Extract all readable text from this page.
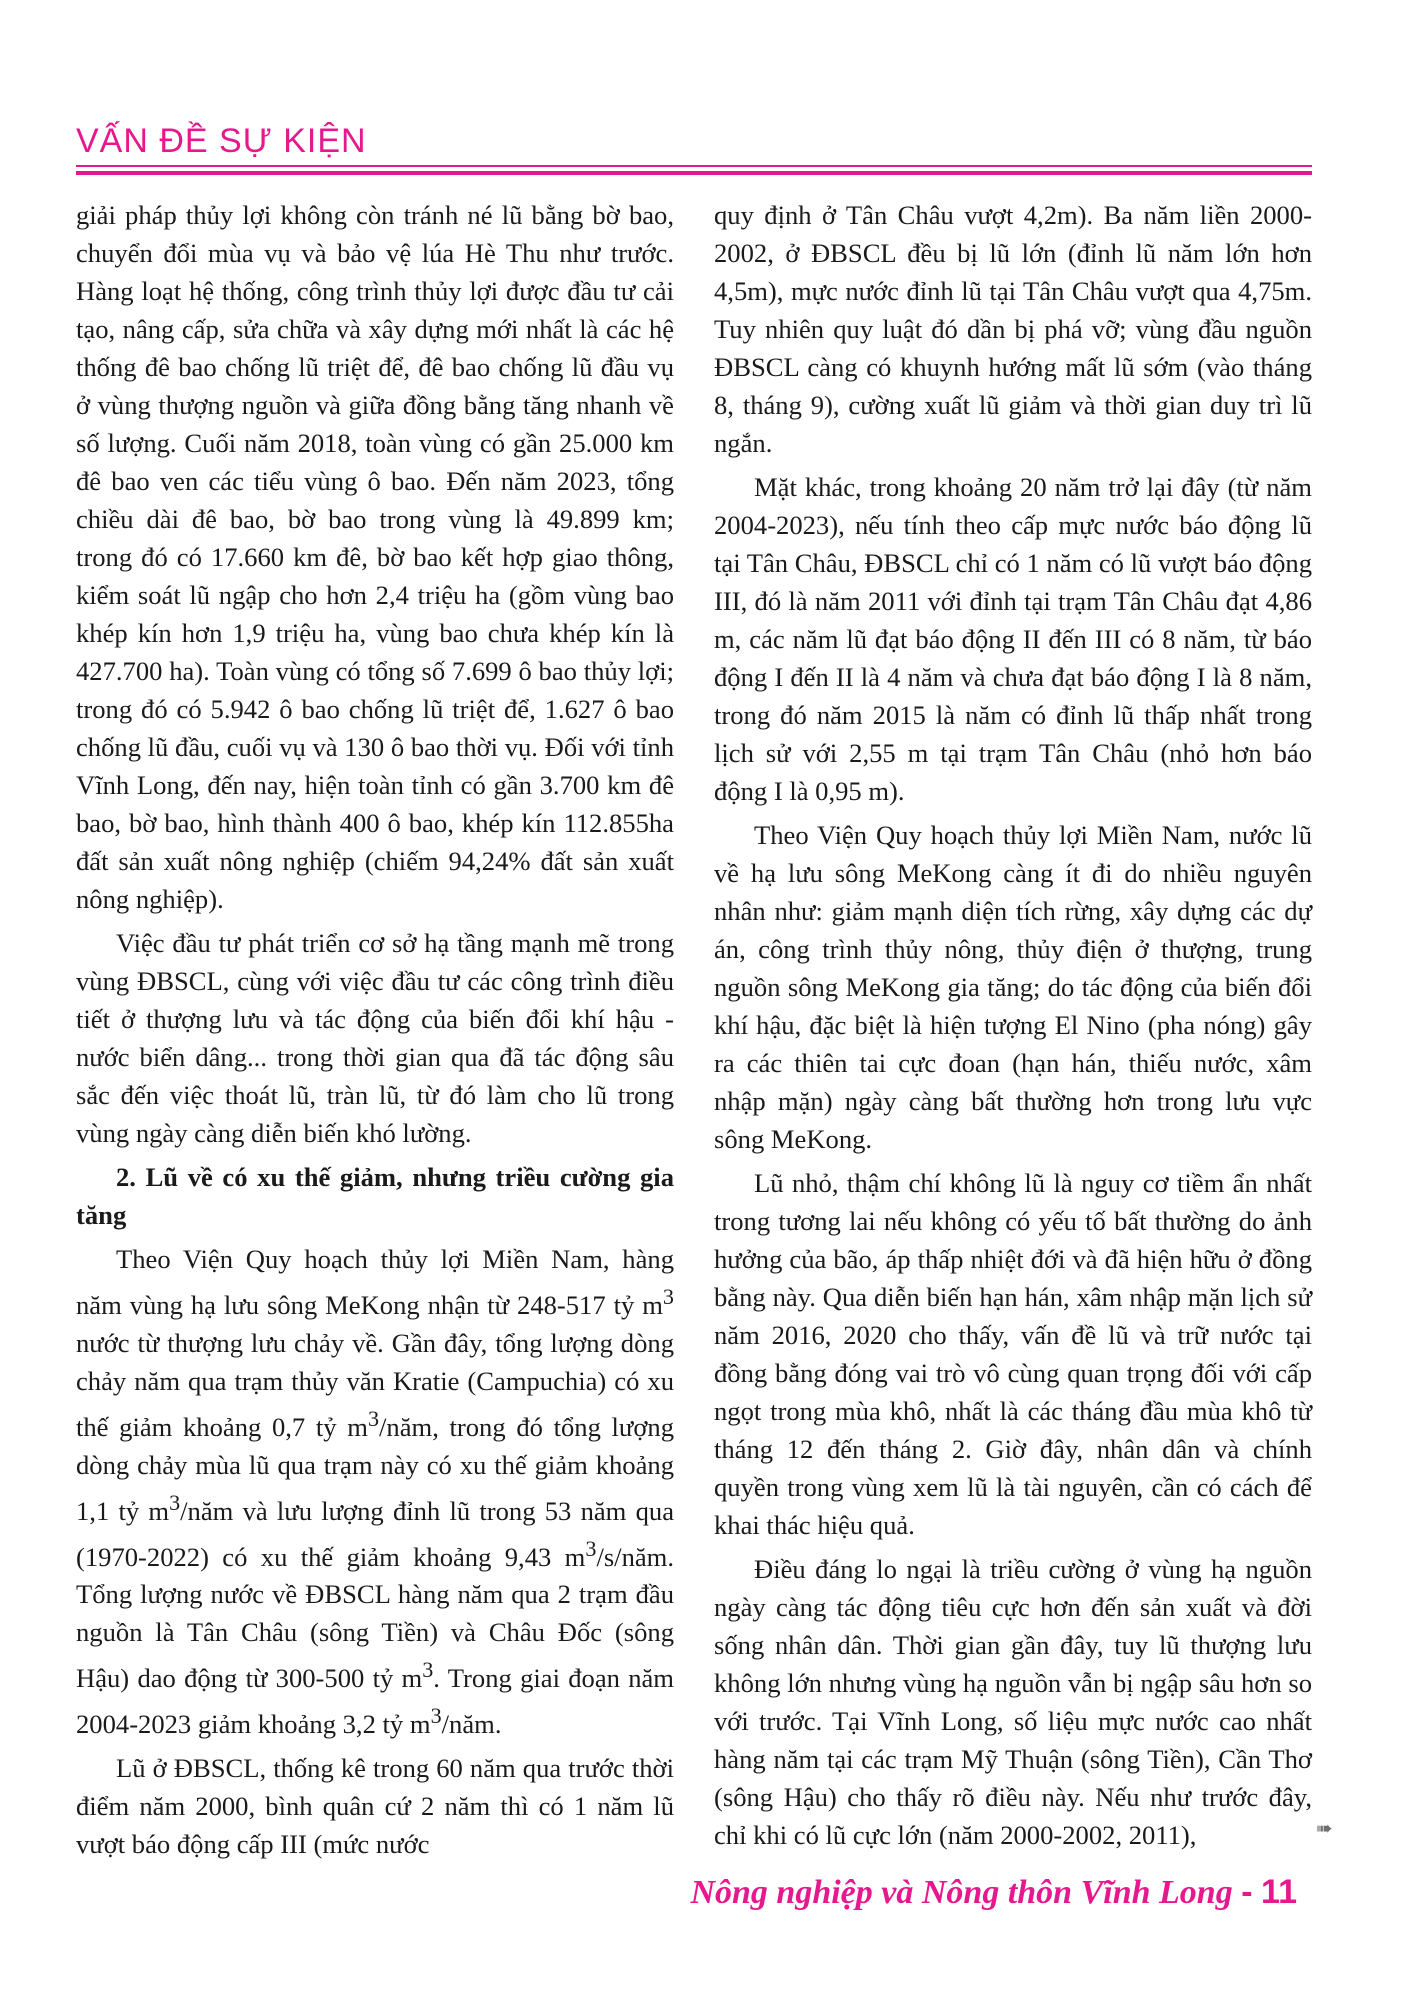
VẤN ĐỀ SỰ KIỆN

giải pháp thủy lợi không còn tránh né lũ bằng bờ bao, chuyển đổi mùa vụ và bảo vệ lúa Hè Thu như trước. Hàng loạt hệ thống, công trình thủy lợi được đầu tư cải tạo, nâng cấp, sửa chữa và xây dựng mới nhất là các hệ thống đê bao chống lũ triệt để, đê bao chống lũ đầu vụ ở vùng thượng nguồn và giữa đồng bằng tăng nhanh về số lượng. Cuối năm 2018, toàn vùng có gần 25.000 km đê bao ven các tiểu vùng ô bao. Đến năm 2023, tổng chiều dài đê bao, bờ bao trong vùng là 49.899 km; trong đó có 17.660 km đê, bờ bao kết hợp giao thông, kiểm soát lũ ngập cho hơn 2,4 triệu ha (gồm vùng bao khép kín hơn 1,9 triệu ha, vùng bao chưa khép kín là 427.700 ha). Toàn vùng có tổng số 7.699 ô bao thủy lợi; trong đó có 5.942 ô bao chống lũ triệt để, 1.627 ô bao chống lũ đầu, cuối vụ và 130 ô bao thời vụ. Đối với tỉnh Vĩnh Long, đến nay, hiện toàn tỉnh có gần 3.700 km đê bao, bờ bao, hình thành 400 ô bao, khép kín 112.855ha đất sản xuất nông nghiệp (chiếm 94,24% đất sản xuất nông nghiệp).

Việc đầu tư phát triển cơ sở hạ tầng mạnh mẽ trong vùng ĐBSCL, cùng với việc đầu tư các công trình điều tiết ở thượng lưu và tác động của biến đổi khí hậu - nước biển dâng... trong thời gian qua đã tác động sâu sắc đến việc thoát lũ, tràn lũ, từ đó làm cho lũ trong vùng ngày càng diễn biến khó lường.

2. Lũ về có xu thế giảm, nhưng triều cường gia tăng

Theo Viện Quy hoạch thủy lợi Miền Nam, hàng năm vùng hạ lưu sông MeKong nhận từ 248-517 tỷ $m^3$ nước từ thượng lưu chảy về. Gần đây, tổng lượng dòng chảy năm qua trạm thủy văn Kratie (Campuchia) có xu thế giảm khoảng 0,7 tỷ $m^3$/năm, trong đó tổng lượng dòng chảy mùa lũ qua trạm này có xu thế giảm khoảng 1,1 tỷ $m^3$/năm và lưu lượng đỉnh lũ trong 53 năm qua (1970-2022) có xu thế giảm khoảng 9,43 $m^3/s$/năm. Tổng lượng nước về ĐBSCL hàng năm qua 2 trạm đầu nguồn là Tân Châu (sông Tiền) và Châu Đốc (sông Hậu) dao động từ 300-500 tỷ $m^3$. Trong giai đoạn năm 2004-2023 giảm khoảng 3,2 tỷ $m^3$/năm.

Lũ ở ĐBSCL, thống kê trong 60 năm qua trước thời điểm năm 2000, bình quân cứ 2 năm thì có 1 năm lũ vượt báo động cấp III (mức nước

quy định ở Tân Châu vượt 4,2m). Ba năm liền 2000-2002, ở ĐBSCL đều bị lũ lớn (đỉnh lũ năm lớn hơn 4,5m), mực nước đỉnh lũ tại Tân Châu vượt qua 4,75m. Tuy nhiên quy luật đó dần bị phá vỡ; vùng đầu nguồn ĐBSCL càng có khuynh hướng mất lũ sớm (vào tháng 8, tháng 9), cường xuất lũ giảm và thời gian duy trì lũ ngắn.

Mặt khác, trong khoảng 20 năm trở lại đây (từ năm 2004-2023), nếu tính theo cấp mực nước báo động lũ tại Tân Châu, ĐBSCL chỉ có 1 năm có lũ vượt báo động III, đó là năm 2011 với đỉnh tại trạm Tân Châu đạt 4,86 m, các năm lũ đạt báo động II đến III có 8 năm, từ báo động I đến II là 4 năm và chưa đạt báo động I là 8 năm, trong đó năm 2015 là năm có đỉnh lũ thấp nhất trong lịch sử với 2,55 m tại trạm Tân Châu (nhỏ hơn báo động I là 0,95 m).

Theo Viện Quy hoạch thủy lợi Miền Nam, nước lũ về hạ lưu sông MeKong càng ít đi do nhiều nguyên nhân như: giảm mạnh diện tích rừng, xây dựng các dự án, công trình thủy nông, thủy điện ở thượng, trung nguồn sông MeKong gia tăng; do tác động của biến đổi khí hậu, đặc biệt là hiện tượng El Nino (pha nóng) gây ra các thiên tai cực đoan (hạn hán, thiếu nước, xâm nhập mặn) ngày càng bất thường hơn trong lưu vực sông MeKong.

Lũ nhỏ, thậm chí không lũ là nguy cơ tiềm ẩn nhất trong tương lai nếu không có yếu tố bất thường do ảnh hưởng của bão, áp thấp nhiệt đới và đã hiện hữu ở đồng bằng này. Qua diễn biến hạn hán, xâm nhập mặn lịch sử năm 2016, 2020 cho thấy, vấn đề lũ và trữ nước tại đồng bằng đóng vai trò vô cùng quan trọng đối với cấp ngọt trong mùa khô, nhất là các tháng đầu mùa khô từ tháng 12 đến tháng 2. Giờ đây, nhân dân và chính quyền trong vùng xem lũ là tài nguyên, cần có cách để khai thác hiệu quả.

Điều đáng lo ngại là triều cường ở vùng hạ nguồn ngày càng tác động tiêu cực hơn đến sản xuất và đời sống nhân dân. Thời gian gần đây, tuy lũ thượng lưu không lớn nhưng vùng hạ nguồn vẫn bị ngập sâu hơn so với trước. Tại Vĩnh Long, số liệu mực nước cao nhất hàng năm tại các trạm Mỹ Thuận (sông Tiền), Cần Thơ (sông Hậu) cho thấy rõ điều này. Nếu như trước đây, chỉ khi có lũ cực lớn (năm 2000-2002, 2011),	➠
Nông nghiệp và Nông thôn Vĩnh Long - 11
